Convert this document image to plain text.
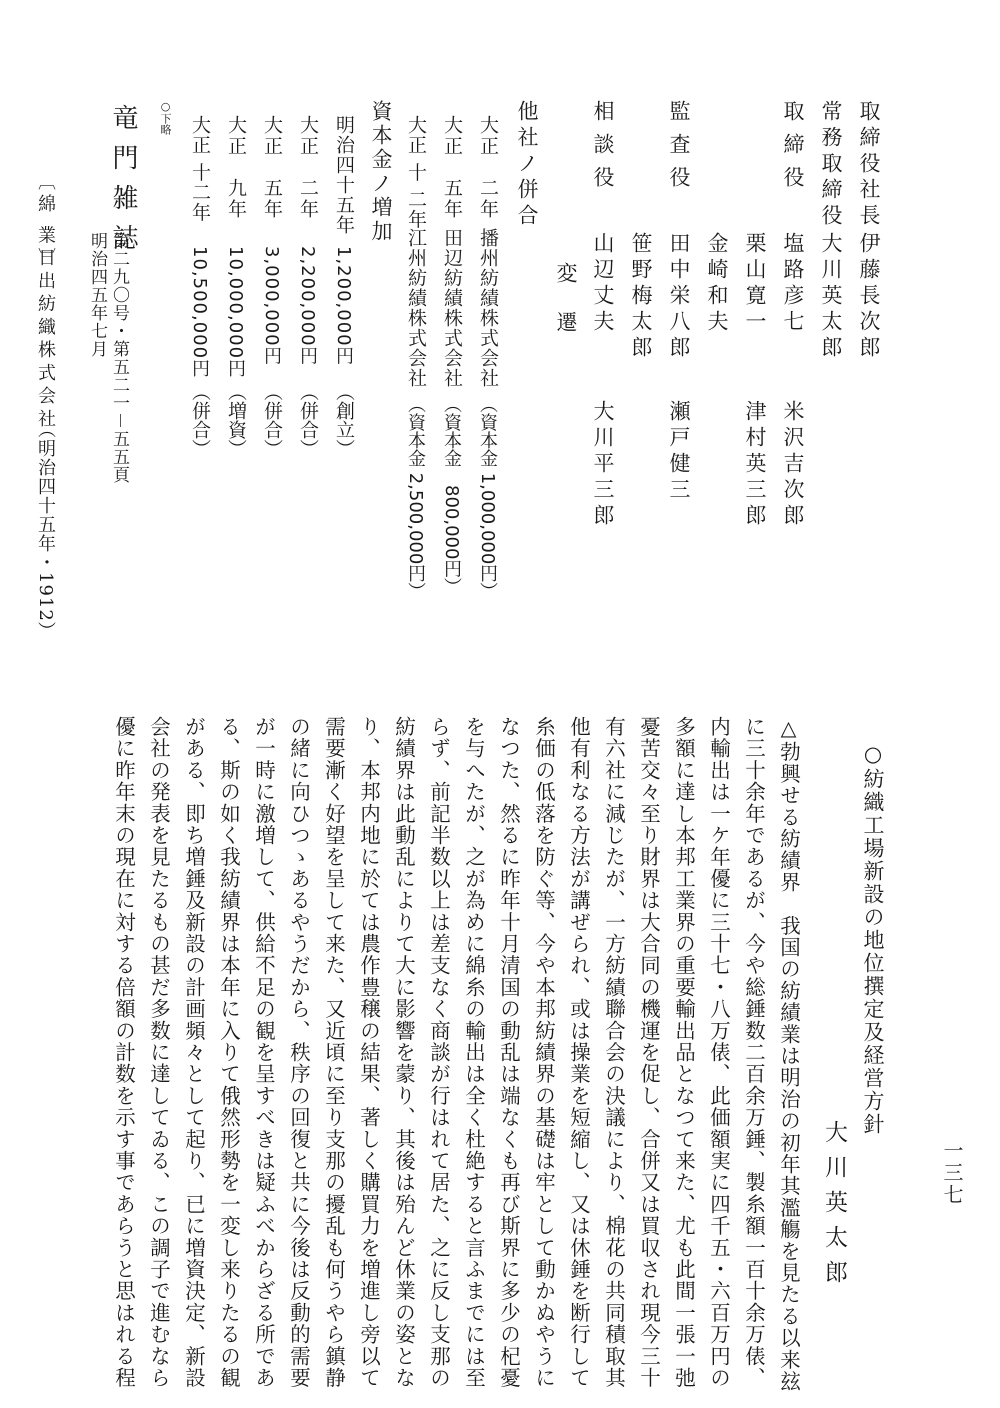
取締役社長
伊藤長次郎
常務取締役
大川英太郎
取締役
塩路彦七
米沢吉次郎
栗山寛一
津村英三郎
金崎和夫
監査役
田中栄八郎
瀬戸健三
笹野梅太郎
相談役
山辺丈夫
大川平三郎
変遷
他社ノ併合
大正　二年
播州紡績株式会社
（資本金 1,000,000円）
大正　五年
田辺紡績株式会社
（資本金　800,000円）
大正 十 二年
江州紡績株式会社
（資本金 2,500,000円）
資本金ノ増加
明治四十五年
1,200,000円
（創立）
大正　二年
2,200,000円
（併合）
大正　五年
3,000,000円
（併合）
大正　九年
10,000,000円
（増資）
大正 十二年
10,500,000円
（併合）
○下略
竜門雑誌
第二九〇号・第五二一－五五頁
明治四五年七月
〔綿 業〕
日出紡織株式会社
（明治四十五年・1912）
○紡織工場新設の地位撰定及経営方針
大川英太郎
△勃興せる紡績界　我国の紡績業は明治の初年其濫觴を見たる以来玆
に三十余年であるが、今や総錘数二百余万錘、製糸額一百十余万俵、
内輸出は一ケ年優に三十七・八万俵、此価額実に四千五・六百万円の
多額に達し本邦工業界の重要輸出品となつて来た、尤も此間一張一弛
憂苦交々至り財界は大合同の機運を促し、合併又は買収され現今三十
有六社に減じたが、一方紡績聯合会の決議により、棉花の共同積取其
他有利なる方法が講ぜられ、或は操業を短縮し、又は休錘を断行して
糸価の低落を防ぐ等、今や本邦紡績界の基礎は牢として動かぬやうに
なつた、然るに昨年十月清国の動乱は端なくも再び斯界に多少の杞憂
を与へたが、之が為めに綿糸の輸出は全く杜絶すると言ふまでには至
らず、前記半数以上は差支なく商談が行はれて居た、之に反し支那の
紡績界は此動乱によりて大に影響を蒙り、其後は殆んど休業の姿とな
り、本邦内地に於ては農作豊穣の結果、著しく購買力を増進し旁以て
需要漸く好望を呈して来た、又近頃に至り支那の擾乱も何うやら鎮静
の緒に向ひつゝあるやうだから、秩序の回復と共に今後は反動的需要
が一時に激増して、供給不足の観を呈すべきは疑ふべからざる所であ
る、斯の如く我紡績界は本年に入りて俄然形勢を一変し来りたるの観
がある、即ち増錘及新設の計画頻々として起り、已に増資決定、新設
会社の発表を見たるもの甚だ多数に達してゐる、この調子で進むなら
優に昨年末の現在に対する倍額の計数を示す事であらうと思はれる程	一三七
